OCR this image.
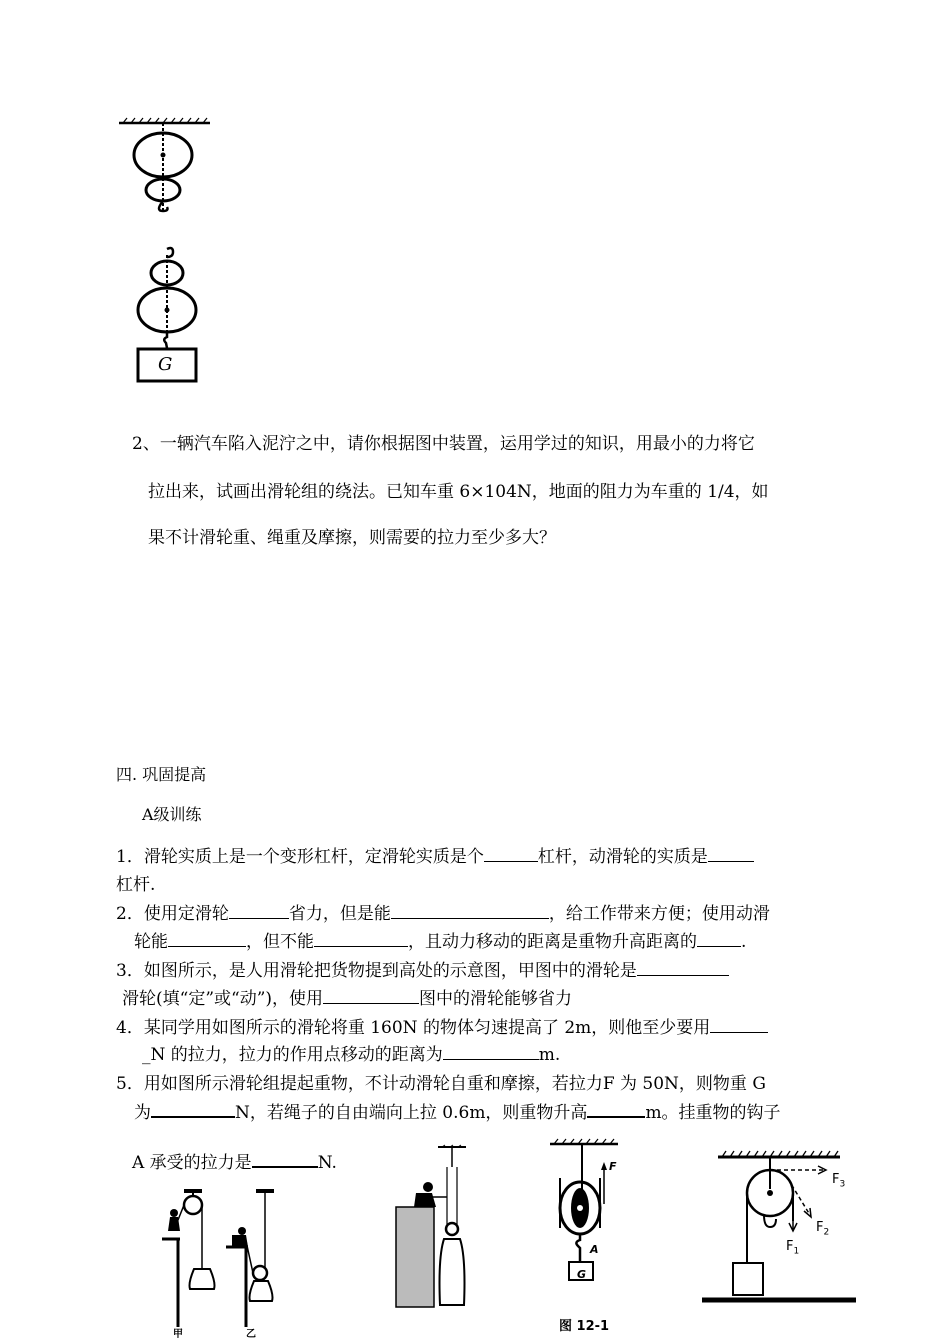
G
2、一辆汽车陷入泥泞之中，请你根据图中装置，运用学过的知识，用最小的力将它
拉出来，试画出滑轮组的绕法。已知车重 6×104N，地面的阻力为车重的 1/4，如
果不计滑轮重、绳重及摩擦，则需要的拉力至少多大？
四. 巩固提高
A级训练
1．滑轮实质上是一个变形杠杆，定滑轮实质是个	杠杆，动滑轮的实质是
杠杆.
2．使用定滑轮	省力，但是能	，给工作带来方便；使用动滑
轮能	，但不能	，且动力移动的距离是重物升高距离的	.
3．如图所示，是人用滑轮把货物提到高处的示意图，甲图中的滑轮是
滑轮(填“定”或“动”)，使用	图中的滑轮能够省力
4．某同学用如图所示的滑轮将重 160N 的物体匀速提高了 2m，则他至少要用
_N 的拉力，拉力的作用点移动的距离为	m.
5．用如图所示滑轮组提起重物，不计动滑轮自重和摩擦，若拉力F 为 50N，则物重 G
为	N，若绳子的自由端向上拉 0.6m，则重物升高	m。挂重物的钩子
A 承受的拉力是	N.
甲	乙
F
A
G
图 12-1
$F_3$
$F_2$
$F_1$
